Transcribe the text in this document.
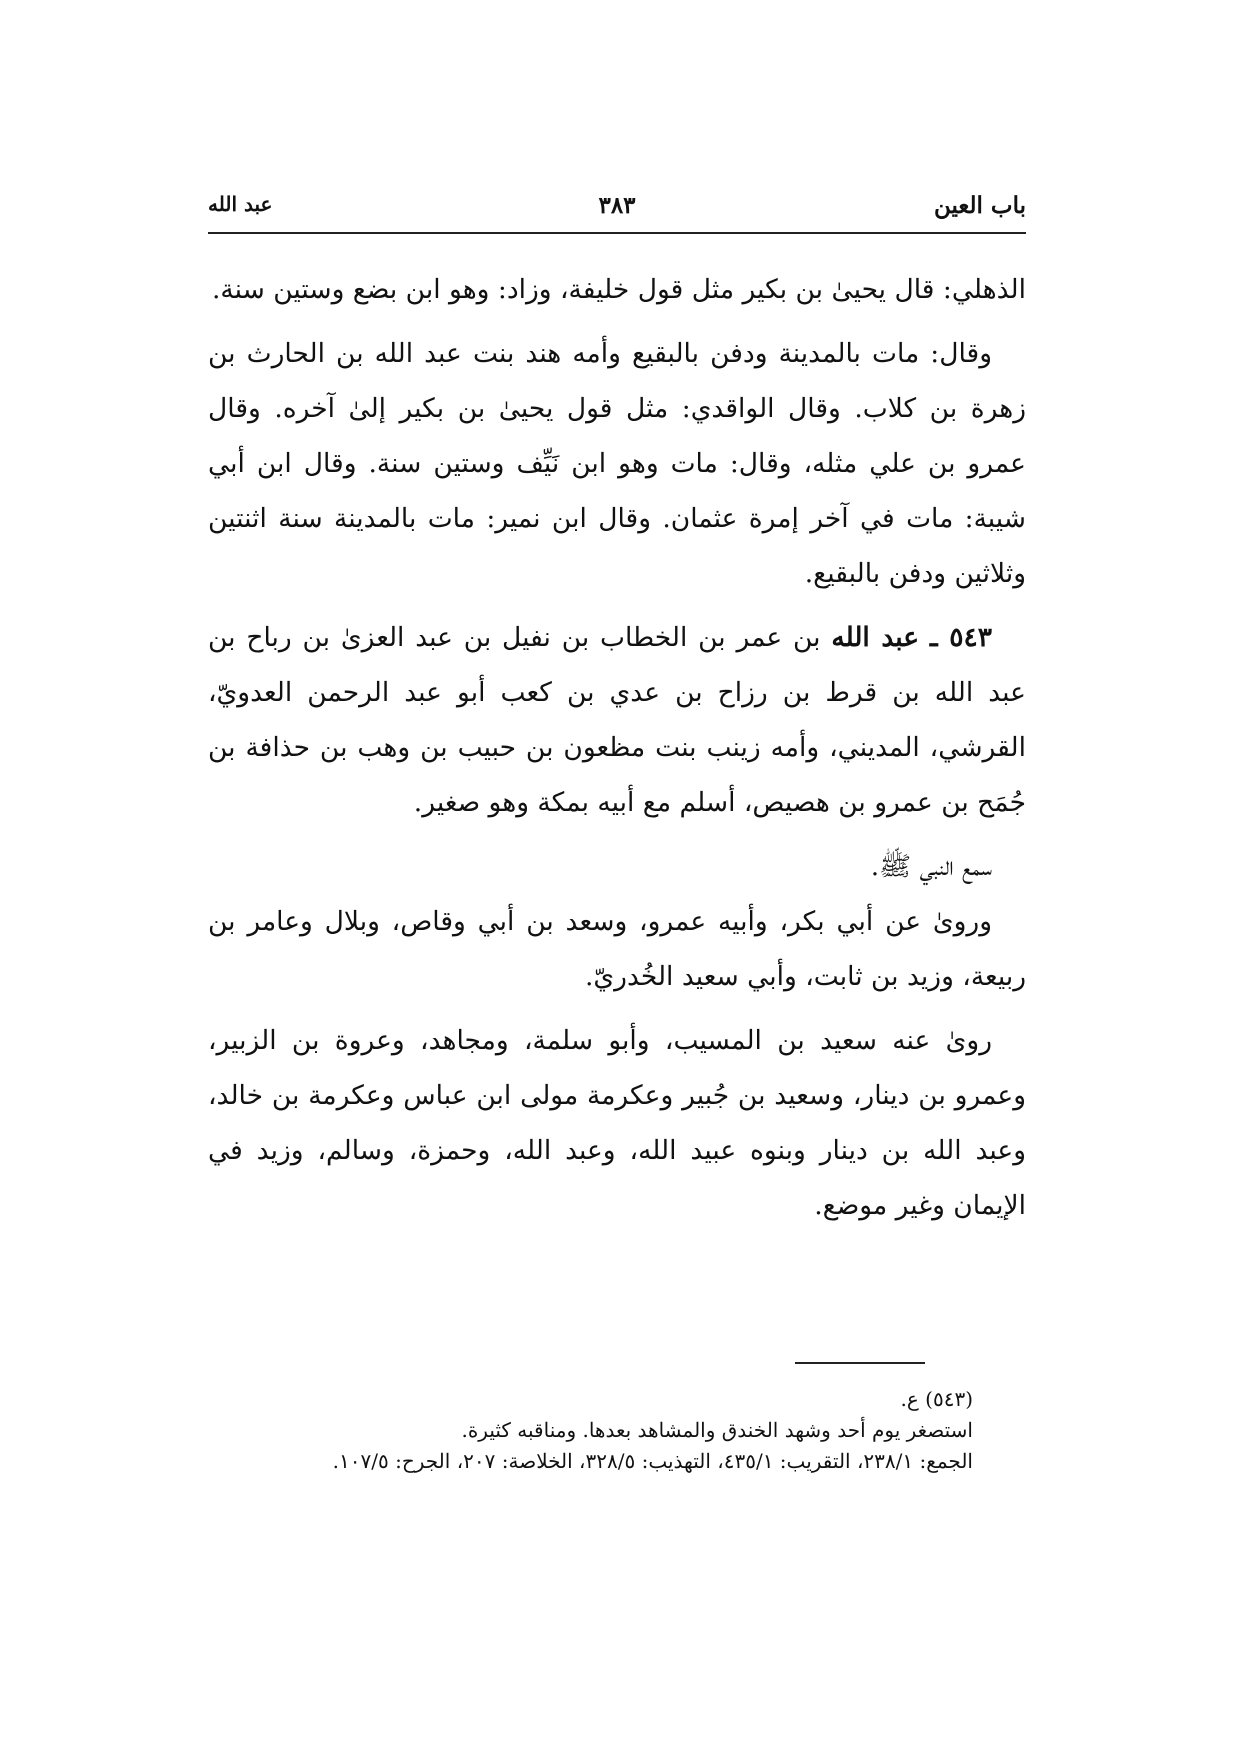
باب العين
٣٨٣
عبد الله

الذهلي: قال يحيىٰ بن بكير مثل قول خليفة، وزاد: وهو ابن بضع وستين سنة.

وقال: مات بالمدينة ودفن بالبقيع وأمه هند بنت عبد الله بن الحارث بن زهرة بن كلاب. وقال الواقدي: مثل قول يحيىٰ بن بكير إلىٰ آخره. وقال عمرو بن علي مثله، وقال: مات وهو ابن نَيِّف وستين سنة. وقال ابن أبي شيبة: مات في آخر إمرة عثمان. وقال ابن نمير: مات بالمدينة سنة اثنتين وثلاثين ودفن بالبقيع.

٥٤٣ ـ عبد الله بن عمر بن الخطاب بن نفيل بن عبد العزىٰ بن رباح بن عبد الله بن قرط بن رزاح بن عدي بن كعب أبو عبد الرحمن العدويّ، القرشي، المديني، وأمه زينب بنت مظعون بن حبيب بن وهب بن حذافة بن جُمَح بن عمرو بن هصيص، أسلم مع أبيه بمكة وهو صغير.

سمع النبي ﷺ.

وروىٰ عن أبي بكر، وأبيه عمرو، وسعد بن أبي وقاص، وبلال وعامر بن ربيعة، وزيد بن ثابت، وأبي سعيد الخُدريّ.

روىٰ عنه سعيد بن المسيب، وأبو سلمة، ومجاهد، وعروة بن الزبير، وعمرو بن دينار، وسعيد بن جُبير وعكرمة مولى ابن عباس وعكرمة بن خالد، وعبد الله بن دينار وبنوه عبيد الله، وعبد الله، وحمزة، وسالم، وزيد في الإيمان وغير موضع.

(٥٤٣) ع.
استصغر يوم أحد وشهد الخندق والمشاهد بعدها. ومناقبه كثيرة.
الجمع: ٢٣٨/١، التقريب: ٤٣٥/١، التهذيب: ٣٢٨/٥، الخلاصة: ٢٠٧، الجرح: ١٠٧/٥.
